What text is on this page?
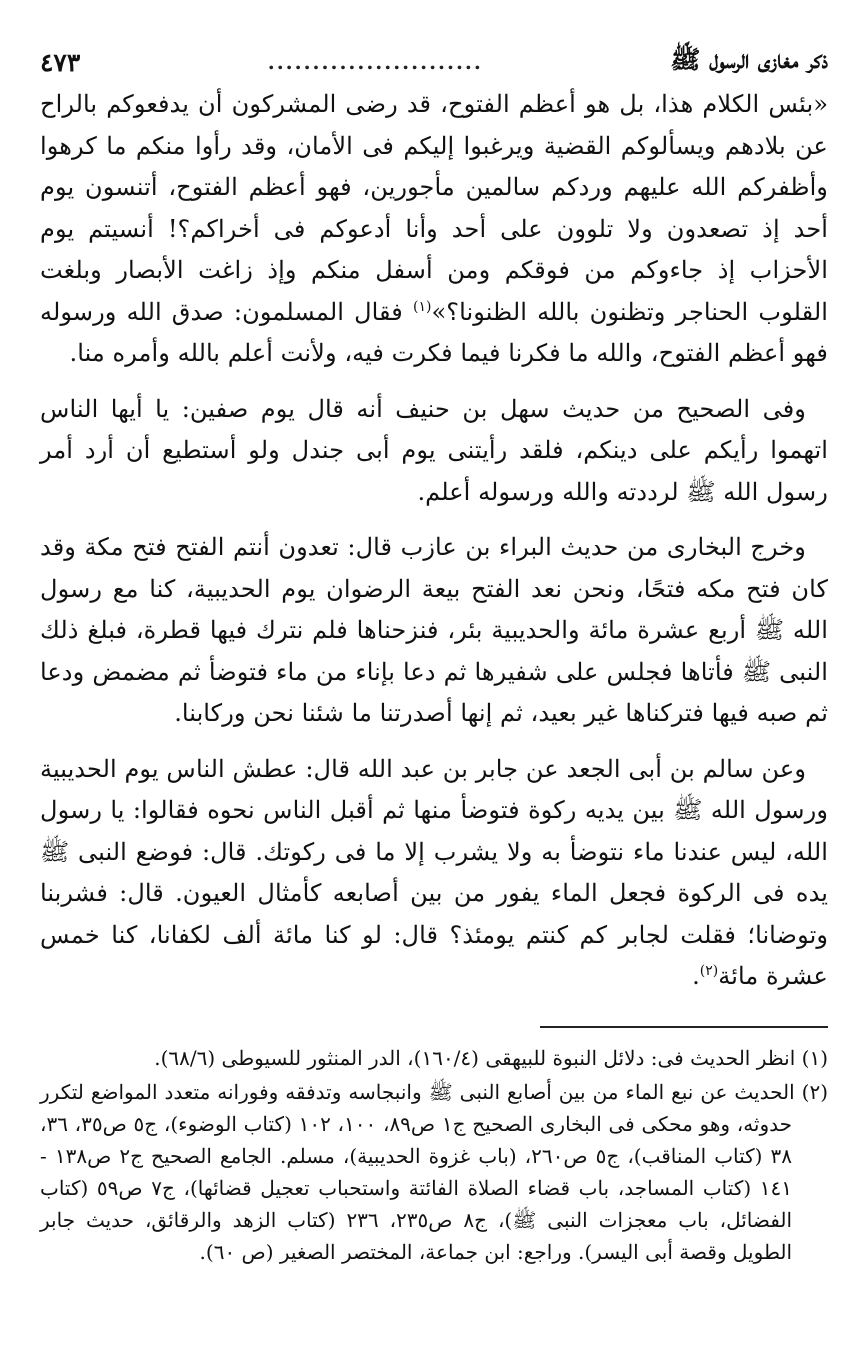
ذكر مغازى الرسول ﷺ
........................
٤٧٣

«بئس الكلام هذا، بل هو أعظم الفتوح، قد رضى المشركون أن يدفعوكم بالراح عن بلادهم ويسألوكم القضية ويرغبوا إليكم فى الأمان، وقد رأوا منكم ما كرهوا وأظفركم الله عليهم وردكم سالمين مأجورين، فهو أعظم الفتوح، أتنسون يوم أحد إذ تصعدون ولا تلوون على أحد وأنا أدعوكم فى أخراكم؟! أنسيتم يوم الأحزاب إذ جاءوكم من فوقكم ومن أسفل منكم وإذ زاغت الأبصار وبلغت القلوب الحناجر وتظنون بالله الظنونا؟»$^{(١)}$ فقال المسلمون: صدق الله ورسوله فهو أعظم الفتوح، والله ما فكرنا فيما فكرت فيه، ولأنت أعلم بالله وأمره منا.

وفى الصحيح من حديث سهل بن حنيف أنه قال يوم صفين: يا أيها الناس اتهموا رأيكم على دينكم، فلقد رأيتنى يوم أبى جندل ولو أستطيع أن أرد أمر رسول الله ﷺ لرددته والله ورسوله أعلم.

وخرج البخارى من حديث البراء بن عازب قال: تعدون أنتم الفتح فتح مكة وقد كان فتح مكه فتحًا، ونحن نعد الفتح بيعة الرضوان يوم الحديبية، كنا مع رسول الله ﷺ أربع عشرة مائة والحديبية بئر، فنزحناها فلم نترك فيها قطرة، فبلغ ذلك النبى ﷺ فأتاها فجلس على شفيرها ثم دعا بإناء من ماء فتوضأ ثم مضمض ودعا ثم صبه فيها فتركناها غير بعيد، ثم إنها أصدرتنا ما شئنا نحن وركابنا.

وعن سالم بن أبى الجعد عن جابر بن عبد الله قال: عطش الناس يوم الحديبية ورسول الله ﷺ بين يديه ركوة فتوضأ منها ثم أقبل الناس نحوه فقالوا: يا رسول الله، ليس عندنا ماء نتوضأ به ولا يشرب إلا ما فى ركوتك. قال: فوضع النبى ﷺ يده فى الركوة فجعل الماء يفور من بين أصابعه كأمثال العيون. قال: فشربنا وتوضانا؛ فقلت لجابر كم كنتم يومئذ؟ قال: لو كنا مائة ألف لكفانا، كنا خمس عشرة مائة$^{(٢)}$.

(١) انظر الحديث فى: دلائل النبوة للبيهقى (١٦٠/٤)، الدر المنثور للسيوطى (٦٨/٦).

(٢) الحديث عن نبع الماء من بين أصابع النبى ﷺ وانبجاسه وتدفقه وفورانه متعدد المواضع لتكرر حدوثه، وهو محكى فى البخارى الصحيح ج١ ص٨٩، ١٠٠، ١٠٢ (كتاب الوضوء)، ج٥ ص٣٥، ٣٦، ٣٨ (كتاب المناقب)، ج٥ ص٢٦٠، (باب غزوة الحديبية)، مسلم. الجامع الصحيح ج٢ ص١٣٨ - ١٤١ (كتاب المساجد، باب قضاء الصلاة الفائتة واستحباب تعجيل قضائها)، ج٧ ص٥٩ (كتاب الفضائل، باب معجزات النبى ﷺ)، ج٨ ص٢٣٥، ٢٣٦ (كتاب الزهد والرقائق، حديث جابر الطويل وقصة أبى اليسر). وراجع: ابن جماعة، المختصر الصغير (ص ٦٠).
